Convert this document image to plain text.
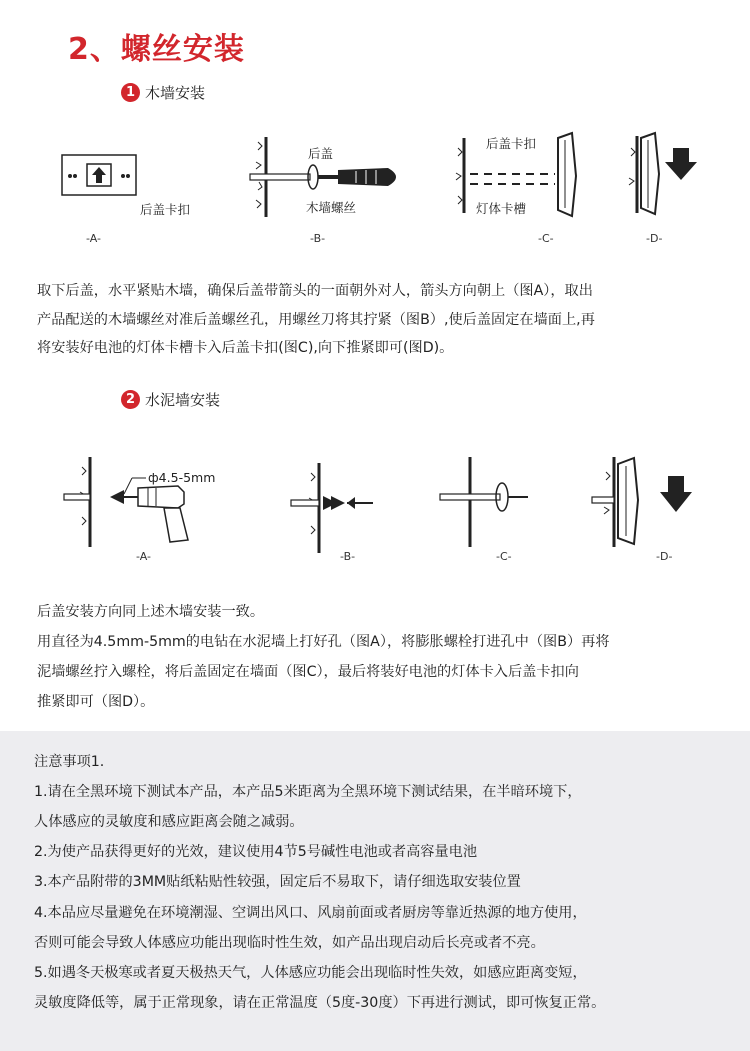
2、螺丝安装
1 木墙安装
后盖卡扣
-A-
后盖
木墙螺丝
-B-
后盖卡扣
灯体卡槽
-C-	-D-
取下后盖，水平紧贴木墙，确保后盖带箭头的一面朝外对人，箭头方向朝上（图A），取出
产品配送的木墙螺丝对准后盖螺丝孔，用螺丝刀将其拧紧（图B）,使后盖固定在墙面上,再
将安装好电池的灯体卡槽卡入后盖卡扣(图C),向下推紧即可(图D)。
2 水泥墙安装
ф4.5-5mm
-A-	-B-	-C-	-D-
后盖安装方向同上述木墙安装一致。
用直径为4.5mm-5mm的电钻在水泥墙上打好孔（图A），将膨胀螺栓打进孔中（图B）再将
泥墙螺丝拧入螺栓，将后盖固定在墙面（图C），最后将装好电池的灯体卡入后盖卡扣向
推紧即可（图D）。
注意事项1.
1.请在全黑环境下测试本产品，本产品5米距离为全黑环境下测试结果，在半暗环境下，
人体感应的灵敏度和感应距离会随之减弱。
2.为使产品获得更好的光效，建议使用4节5号碱性电池或者高容量电池
3.本产品附带的3MM贴纸粘贴性较强，固定后不易取下，请仔细选取安装位置
4.本品应尽量避免在环境潮湿、空调出风口、风扇前面或者厨房等靠近热源的地方使用，
否则可能会导致人体感应功能出现临时性生效，如产品出现启动后长亮或者不亮。
5.如遇冬天极寒或者夏天极热天气，人体感应功能会出现临时性失效，如感应距离变短，
灵敏度降低等，属于正常现象，请在正常温度（5度-30度）下再进行测试，即可恢复正常。
